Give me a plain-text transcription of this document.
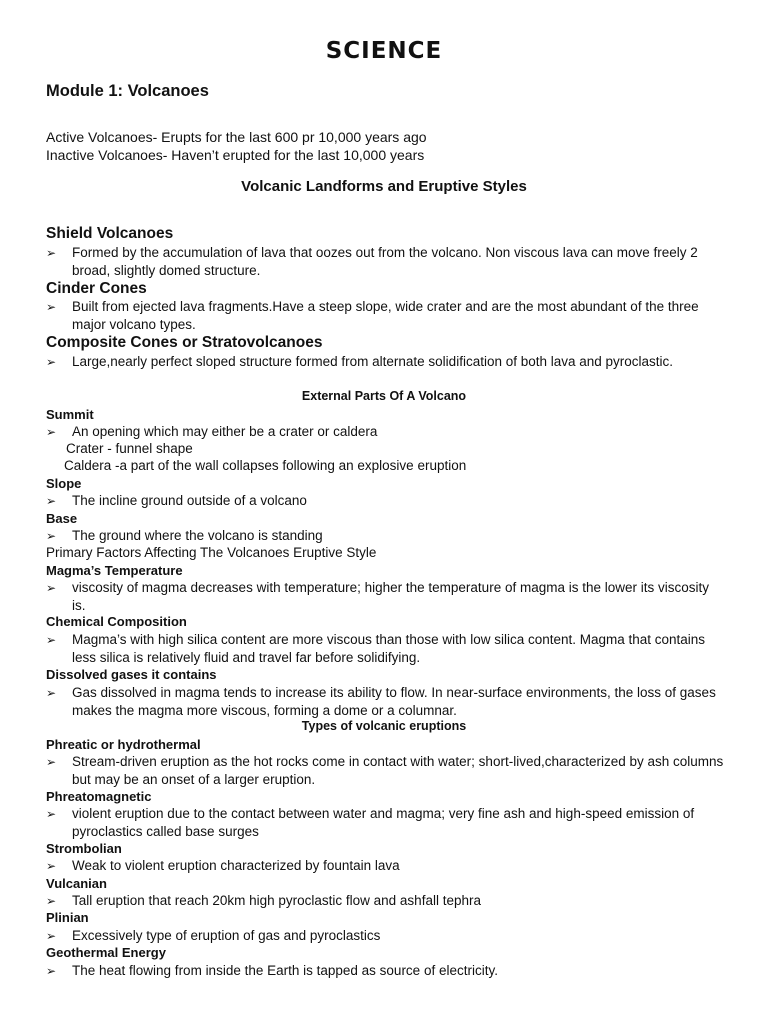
SCIENCE
Module 1: Volcanoes
Active Volcanoes- Erupts for the last 600 pr 10,000 years ago
Inactive Volcanoes- Haven’t erupted for the last 10,000 years
Volcanic Landforms and Eruptive Styles
Shield Volcanoes
➢ Formed by the accumulation of lava that oozes out from the volcano. Non viscous lava can move freely 2 broad, slightly domed structure.
Cinder Cones
➢ Built from ejected lava fragments.Have a steep slope, wide crater and are the most abundant of the three major volcano types.
Composite Cones or Stratovolcanoes
➢ Large,nearly perfect sloped structure formed from alternate solidification of both lava and pyroclastic.
External Parts Of A Volcano
Summit
➢ An opening which may either be a crater or caldera
Crater - funnel shape
Caldera -a part of the wall collapses following an explosive eruption
Slope
➢ The incline ground outside of a volcano
Base
➢ The ground where the volcano is standing
Primary Factors Affecting The Volcanoes Eruptive Style
Magma’s Temperature
➢ viscosity of magma decreases with temperature; higher the temperature of magma is the lower its viscosity is.
Chemical Composition
➢ Magma’s with high silica content are more viscous than those with low silica content. Magma that contains less silica is relatively fluid and travel far before solidifying.
Dissolved gases it contains
➢ Gas dissolved in magma tends to increase its ability to flow. In near-surface environments, the loss of gases makes the magma more viscous, forming a dome or a columnar.
Types of volcanic eruptions
Phreatic or hydrothermal
➢ Stream-driven eruption as the hot rocks come in contact with water; short-lived,characterized by ash columns but may be an onset of a larger eruption.
Phreatomagnetic
➢ violent eruption due to the contact between water and magma; very fine ash and high-speed emission of pyroclastics called base surges
Strombolian
➢ Weak to violent eruption characterized by fountain lava
Vulcanian
➢ Tall eruption that reach 20km high pyroclastic flow and ashfall tephra
Plinian
➢ Excessively type of eruption of gas and pyroclastics
Geothermal Energy
➢ The heat flowing from inside the Earth is tapped as source of electricity.
